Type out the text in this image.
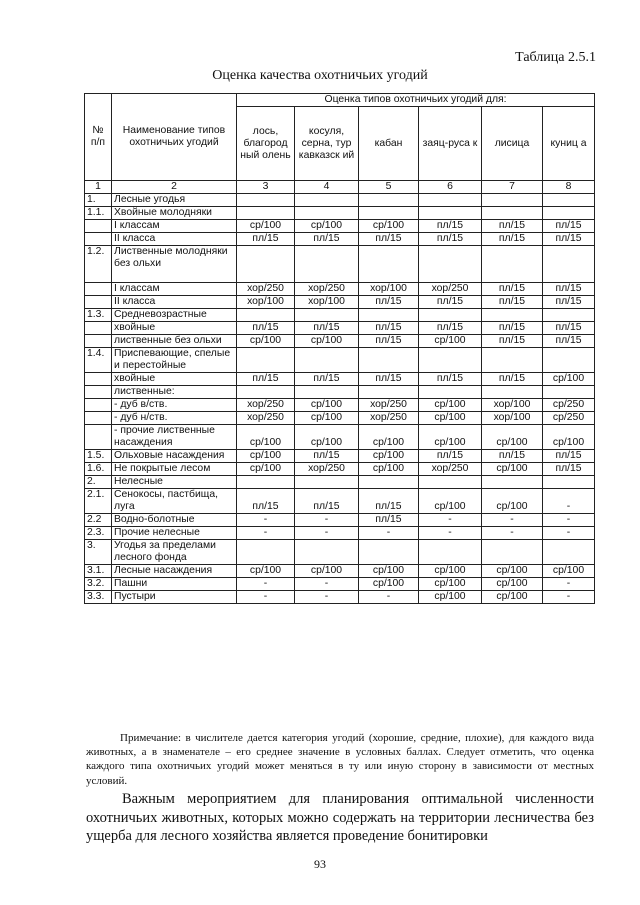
Таблица 2.5.1
Оценка качества охотничьих угодий
№
п/п	Наименование типов охотничьих угодий	Оценка типов охотничьих угодий для:					
		лось, благород ный олень	косуля, серна, тур кавказск ий	кабан	заяц-руса к	лисица	куниц а
1	2	3	4	5	6	7	8
1.	Лесные угодья						
1.1.	Хвойные молодняки						
	I классам	ср/100	ср/100	ср/100	пл/15	пл/15	пл/15
	II класса	пл/15	пл/15	пл/15	пл/15	пл/15	пл/15
1.2.	Лиственные молодняки без ольхи						
	I классам	хор/250	хор/250	хор/100	хор/250	пл/15	пл/15
	II класса	хор/100	хор/100	пл/15	пл/15	пл/15	пл/15
1.3.	Средневозрастные						
	хвойные	пл/15	пл/15	пл/15	пл/15	пл/15	пл/15
	лиственные без ольхи	ср/100	ср/100	пл/15	ср/100	пл/15	пл/15
1.4.	Приспевающие, спелые и перестойные						
	хвойные	пл/15	пл/15	пл/15	пл/15	пл/15	ср/100
	лиственные:						
	- дуб в/ств.	хор/250	ср/100	хор/250	ср/100	хор/100	ср/250
	- дуб н/ств.	хор/250	ср/100	хор/250	ср/100	хор/100	ср/250
	- прочие лиственные насаждения	ср/100	ср/100	ср/100	ср/100	ср/100	ср/100
1.5.	Ольховые насаждения	ср/100	пл/15	ср/100	пл/15	пл/15	пл/15
1.6.	Не покрытые лесом	ср/100	хор/250	ср/100	хор/250	ср/100	пл/15
2.	Нелесные						
2.1.	Сенокосы, пастбища, луга	пл/15	пл/15	пл/15	ср/100	ср/100	-
2.2	Водно-болотные	-	-	пл/15	-	-	-
2.3.	Прочие нелесные	-	-	-	-	-	-
3.	Угодья за пределами лесного фонда						
3.1.	Лесные насаждения	ср/100	ср/100	ср/100	ср/100	ср/100	ср/100
3.2.	Пашни	-	-	ср/100	ср/100	ср/100	-
3.3.	Пустыри	-	-	-	ср/100	ср/100	-

Примечание: в числителе дается категория угодий (хорошие, средние, плохие), для каждого вида животных, а в знаменателе – его среднее значение в условных баллах. Следует отметить, что оценка каждого типа охотничьих угодий может меняться в ту или иную сторону в зависимости от местных условий.

Важным мероприятием для планирования оптимальной численности охотничьих животных, которых можно содержать на территории лесничества без ущерба для лесного хозяйства является проведение бонитировки

93
